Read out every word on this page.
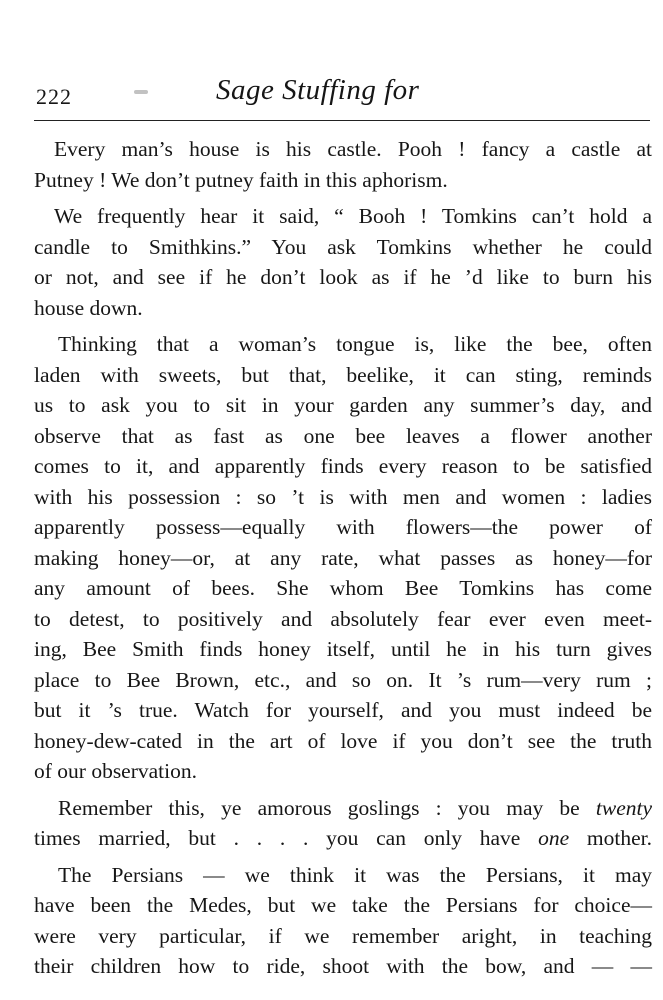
222	Sage Stuffing for
Every man’s house is his castle. Pooh ! fancy a castle at
Putney ! We don’t putney faith in this aphorism.
We frequently hear it said, “ Booh ! Tomkins can’t hold a
candle to Smithkins.” You ask Tomkins whether he could
or not, and see if he don’t look as if he ’d like to burn his
house down.
Thinking that a woman’s tongue is, like the bee, often
laden with sweets, but that, beelike, it can sting, reminds
us to ask you to sit in your garden any summer’s day, and
observe that as fast as one bee leaves a flower another
comes to it, and apparently finds every reason to be satisfied
with his possession : so ’t is with men and women : ladies
apparently possess—equally with flowers—the power of
making honey—or, at any rate, what passes as honey—for
any amount of bees. She whom Bee Tomkins has come
to detest, to positively and absolutely fear ever even meet-
ing, Bee Smith finds honey itself, until he in his turn gives
place to Bee Brown, etc., and so on. It ’s rum—very rum ;
but it ’s true. Watch for yourself, and you must indeed be
honey-dew-cated in the art of love if you don’t see the truth
of our observation.
Remember this, ye amorous goslings : you may be twenty
times married, but . . . . you can only have one mother.
The Persians — we think it was the Persians, it may
have been the Medes, but we take the Persians for choice—
were very particular, if we remember aright, in teaching
their children how to ride, shoot with the bow, and — —
